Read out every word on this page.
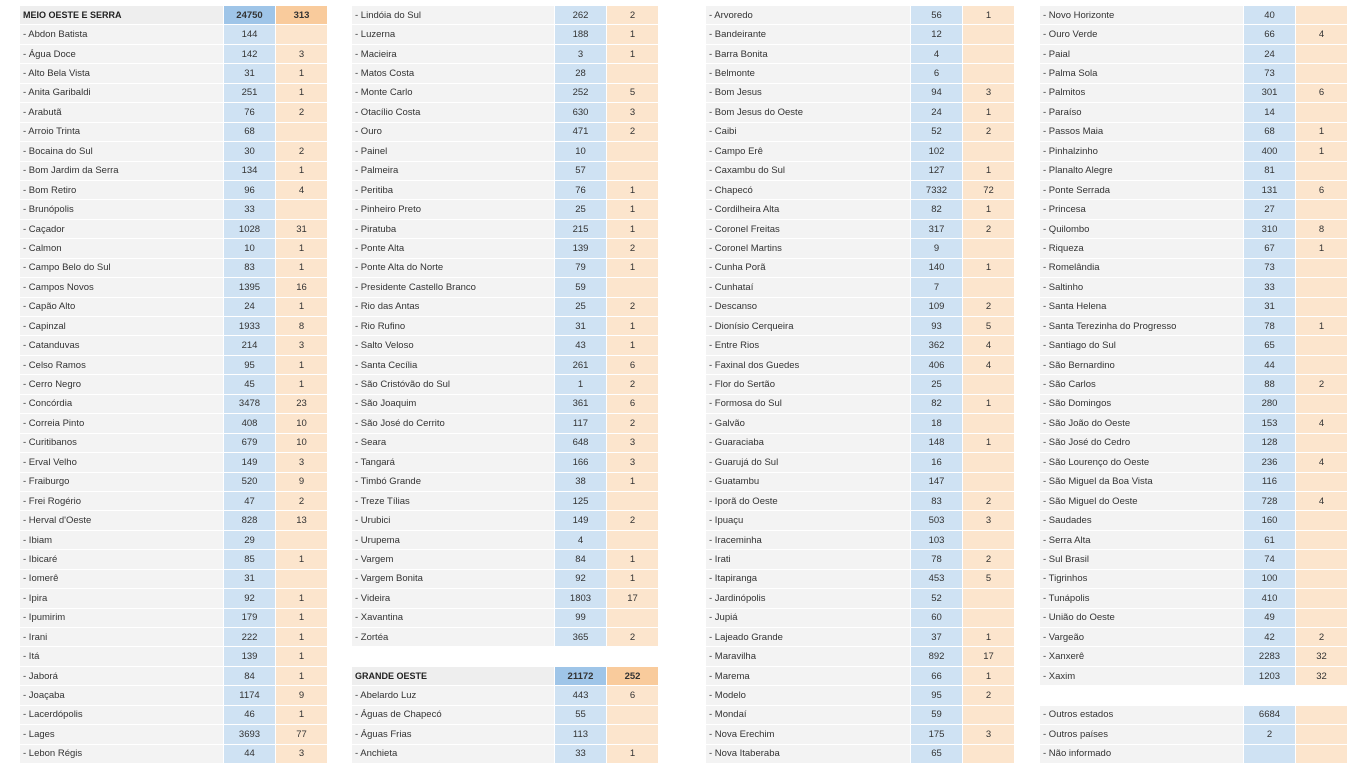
MEIO OESTE E SERRA	24750	313
- Abdon Batista	144
- Água Doce	142	3
- Alto Bela Vista	31	1
- Anita Garibaldi	251	1
- Arabutã	76	2
- Arroio Trinta	68
- Bocaina do Sul	30	2
- Bom Jardim da Serra	134	1
- Bom Retiro	96	4
- Brunópolis	33
- Caçador	1028	31
- Calmon	10	1
- Campo Belo do Sul	83	1
- Campos Novos	1395	16
- Capão Alto	24	1
- Capinzal	1933	8
- Catanduvas	214	3
- Celso Ramos	95	1
- Cerro Negro	45	1
- Concórdia	3478	23
- Correia Pinto	408	10
- Curitibanos	679	10
- Erval Velho	149	3
- Fraiburgo	520	9
- Frei Rogério	47	2
- Herval d'Oeste	828	13
- Ibiam	29
- Ibicaré	85	1
- Iomerê	31
- Ipira	92	1
- Ipumirim	179	1
- Irani	222	1
- Itá	139	1
- Jaborá	84	1
- Joaçaba	1174	9
- Lacerdópolis	46	1
- Lages	3693	77
- Lebon Régis	44	3
- Lindóia do Sul	262	2
- Luzerna	188	1
- Macieira	3	1
- Matos Costa	28
- Monte Carlo	252	5
- Otacílio Costa	630	3
- Ouro	471	2
- Painel	10
- Palmeira	57
- Peritiba	76	1
- Pinheiro Preto	25	1
- Piratuba	215	1
- Ponte Alta	139	2
- Ponte Alta do Norte	79	1
- Presidente Castello Branco	59
- Rio das Antas	25	2
- Rio Rufino	31	1
- Salto Veloso	43	1
- Santa Cecília	261	6
- São Cristóvão do Sul	1	2
- São Joaquim	361	6
- São José do Cerrito	117	2
- Seara	648	3
- Tangará	166	3
- Timbó Grande	38	1
- Treze Tílias	125
- Urubici	149	2
- Urupema	4
- Vargem	84	1
- Vargem Bonita	92	1
- Videira	1803	17
- Xavantina	99
- Zortéa	365	2
GRANDE OESTE	21172	252
- Abelardo Luz	443	6
- Águas de Chapecó	55
- Águas Frias	113
- Anchieta	33	1
- Arvoredo	56	1
- Bandeirante	12
- Barra Bonita	4
- Belmonte	6
- Bom Jesus	94	3
- Bom Jesus do Oeste	24	1
- Caibi	52	2
- Campo Erê	102
- Caxambu do Sul	127	1
- Chapecó	7332	72
- Cordilheira Alta	82	1
- Coronel Freitas	317	2
- Coronel Martins	9
- Cunha Porã	140	1
- Cunhataí	7
- Descanso	109	2
- Dionísio Cerqueira	93	5
- Entre Rios	362	4
- Faxinal dos Guedes	406	4
- Flor do Sertão	25
- Formosa do Sul	82	1
- Galvão	18
- Guaraciaba	148	1
- Guarujá do Sul	16
- Guatambu	147
- Iporã do Oeste	83	2
- Ipuaçu	503	3
- Iraceminha	103
- Irati	78	2
- Itapiranga	453	5
- Jardinópolis	52
- Jupiá	60
- Lajeado Grande	37	1
- Maravilha	892	17
- Marema	66	1
- Modelo	95	2
- Mondaí	59
- Nova Erechim	175	3
- Nova Itaberaba	65
- Novo Horizonte	40
- Ouro Verde	66	4
- Paial	24
- Palma Sola	73
- Palmitos	301	6
- Paraíso	14
- Passos Maia	68	1
- Pinhalzinho	400	1
- Planalto Alegre	81
- Ponte Serrada	131	6
- Princesa	27
- Quilombo	310	8
- Riqueza	67	1
- Romelândia	73
- Saltinho	33
- Santa Helena	31
- Santa Terezinha do Progresso	78	1
- Santiago do Sul	65
- São Bernardino	44
- São Carlos	88	2
- São Domingos	280
- São João do Oeste	153	4
- São José do Cedro	128
- São Lourenço do Oeste	236	4
- São Miguel da Boa Vista	116
- São Miguel do Oeste	728	4
- Saudades	160
- Serra Alta	61
- Sul Brasil	74
- Tigrinhos	100
- Tunápolis	410
- União do Oeste	49
- Vargeão	42	2
- Xanxerê	2283	32
- Xaxim	1203	32
- Outros estados	6684
- Outros países	2
- Não informado
